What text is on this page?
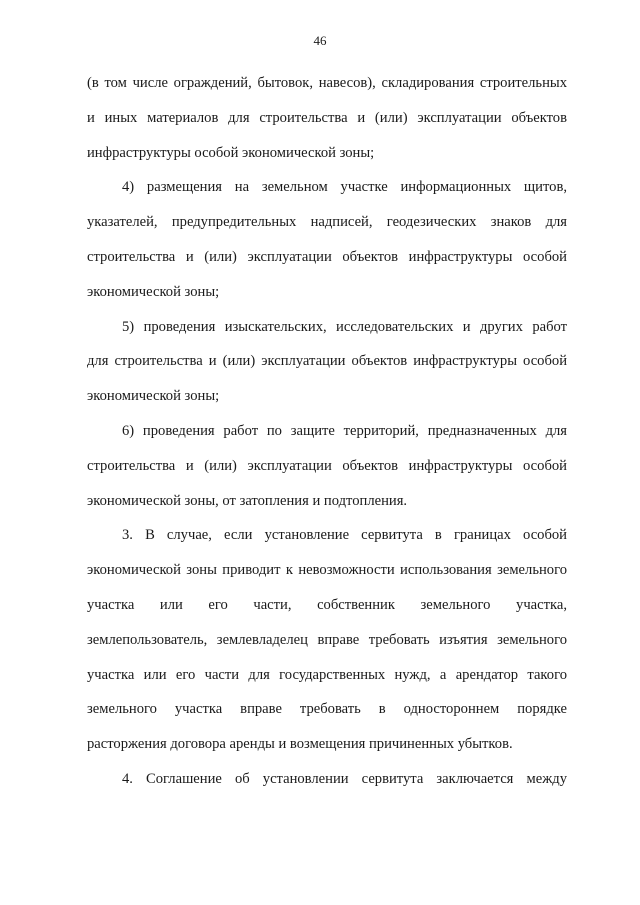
46
(в том числе ограждений, бытовок, навесов), складирования строительных
и иных материалов для строительства и (или) эксплуатации объектов
инфраструктуры особой экономической зоны;
4) размещения на земельном участке информационных щитов,
указателей, предупредительных надписей, геодезических знаков для
строительства и (или) эксплуатации объектов инфраструктуры особой
экономической зоны;
5) проведения изыскательских, исследовательских и других работ
для строительства и (или) эксплуатации объектов инфраструктуры особой
экономической зоны;
6) проведения работ по защите территорий, предназначенных для
строительства и (или) эксплуатации объектов инфраструктуры особой
экономической зоны, от затопления и подтопления.
3. В случае, если установление сервитута в границах особой
экономической зоны приводит к невозможности использования земельного
участка или его части, собственник земельного участка,
землепользователь, землевладелец вправе требовать изъятия земельного
участка или его части для государственных нужд, а арендатор такого
земельного участка вправе требовать в одностороннем порядке
расторжения договора аренды и возмещения причиненных убытков.
4. Соглашение об установлении сервитута заключается между
